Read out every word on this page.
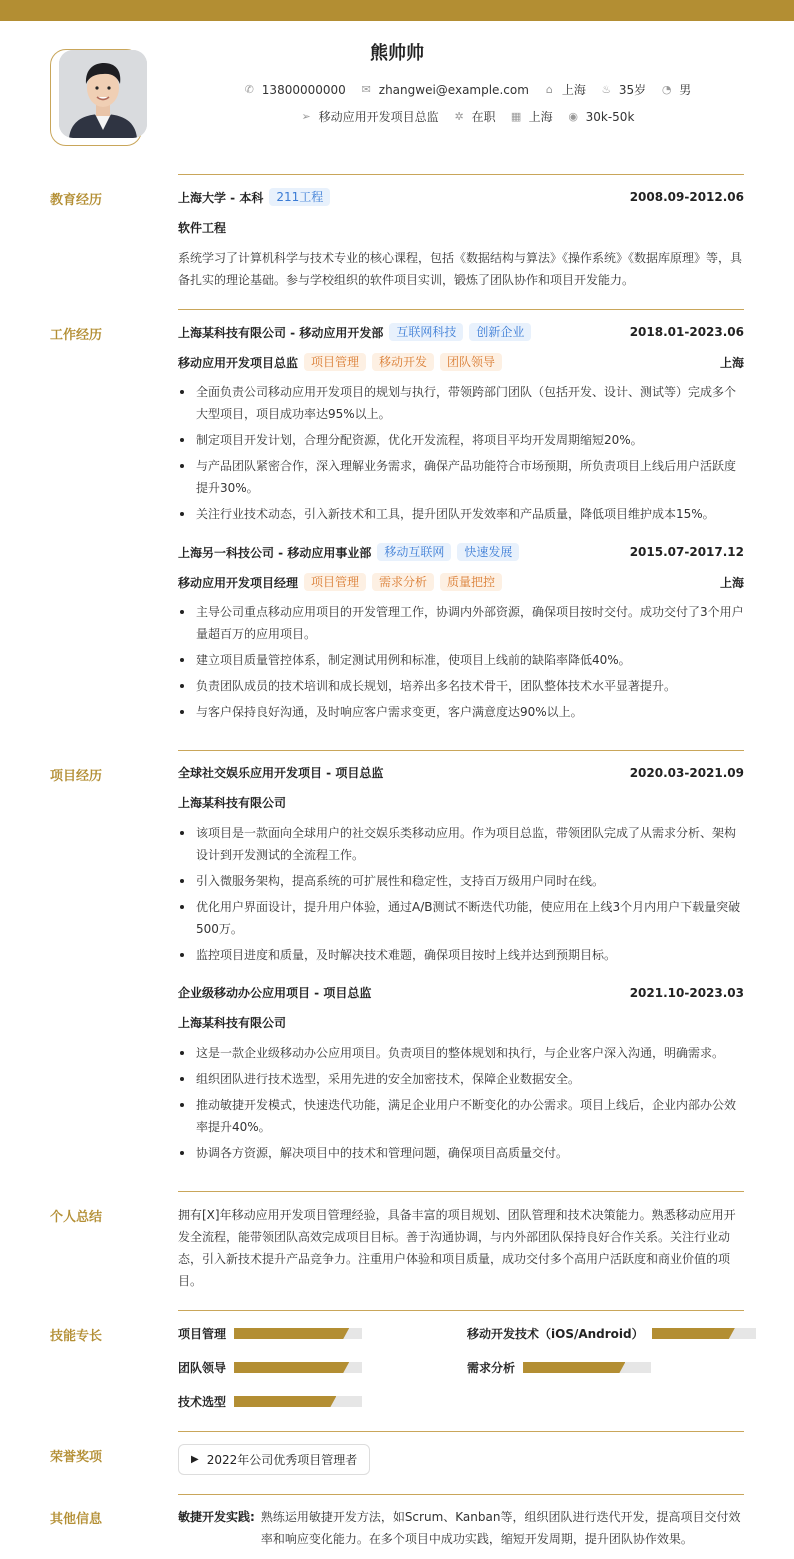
熊帅帅
✆ 13800000000 ✉ zhangwei@example.com ⌂ 上海 ♨ 35岁 ◔ 男
➢ 移动应用开发项目总监 ✲ 在职 ▦ 上海 ◉ 30k-50k
教育经历	上海大学 - 本科	211工程	2008.09-2012.06
软件工程
系统学习了计算机科学与技术专业的核心课程，包括《数据结构与算法》《操作系统》《数据库原理》等，具备扎实的理论基础。参与学校组织的软件项目实训，锻炼了团队协作和项目开发能力。
工作经历	上海某科技有限公司 - 移动应用开发部	互联网科技	创新企业	2018.01-2023.06
移动应用开发项目总监	项目管理	移动开发	团队领导	上海
全面负责公司移动应用开发项目的规划与执行，带领跨部门团队（包括开发、设计、测试等）完成多个大型项目，项目成功率达95%以上。
制定项目开发计划，合理分配资源，优化开发流程，将项目平均开发周期缩短20%。
与产品团队紧密合作，深入理解业务需求，确保产品功能符合市场预期，所负责项目上线后用户活跃度提升30%。
关注行业技术动态，引入新技术和工具，提升团队开发效率和产品质量，降低项目维护成本15%。
上海另一科技公司 - 移动应用事业部	移动互联网	快速发展	2015.07-2017.12
移动应用开发项目经理	项目管理	需求分析	质量把控	上海
主导公司重点移动应用项目的开发管理工作，协调内外部资源，确保项目按时交付。成功交付了3个用户量超百万的应用项目。
建立项目质量管控体系，制定测试用例和标准，使项目上线前的缺陷率降低40%。
负责团队成员的技术培训和成长规划，培养出多名技术骨干，团队整体技术水平显著提升。
与客户保持良好沟通，及时响应客户需求变更，客户满意度达90%以上。
项目经历	全球社交娱乐应用开发项目 - 项目总监	2020.03-2021.09
上海某科技有限公司
该项目是一款面向全球用户的社交娱乐类移动应用。作为项目总监，带领团队完成了从需求分析、架构设计到开发测试的全流程工作。
引入微服务架构，提高系统的可扩展性和稳定性，支持百万级用户同时在线。
优化用户界面设计，提升用户体验，通过A/B测试不断迭代功能，使应用在上线3个月内用户下载量突破500万。
监控项目进度和质量，及时解决技术难题，确保项目按时上线并达到预期目标。
企业级移动办公应用项目 - 项目总监	2021.10-2023.03
上海某科技有限公司
这是一款企业级移动办公应用项目。负责项目的整体规划和执行，与企业客户深入沟通，明确需求。
组织团队进行技术选型，采用先进的安全加密技术，保障企业数据安全。
推动敏捷开发模式，快速迭代功能，满足企业用户不断变化的办公需求。项目上线后，企业内部办公效率提升40%。
协调各方资源，解决项目中的技术和管理问题，确保项目高质量交付。
个人总结	拥有[X]年移动应用开发项目管理经验，具备丰富的项目规划、团队管理和技术决策能力。熟悉移动应用开发全流程，能带领团队高效完成项目目标。善于沟通协调，与内外部团队保持良好合作关系。关注行业动态，引入新技术提升产品竞争力。注重用户体验和项目质量，成功交付多个高用户活跃度和商业价值的项目。
技能专长	项目管理	移动开发技术（iOS/Android）
团队领导	需求分析
技术选型
荣誉奖项	▶ 2022年公司优秀项目管理者
其他信息	敏捷开发实践: 熟练运用敏捷开发方法，如Scrum、Kanban等，组织团队进行迭代开发，提高项目交付效率和响应变化能力。在多个项目中成功实践，缩短开发周期，提升团队协作效果。
